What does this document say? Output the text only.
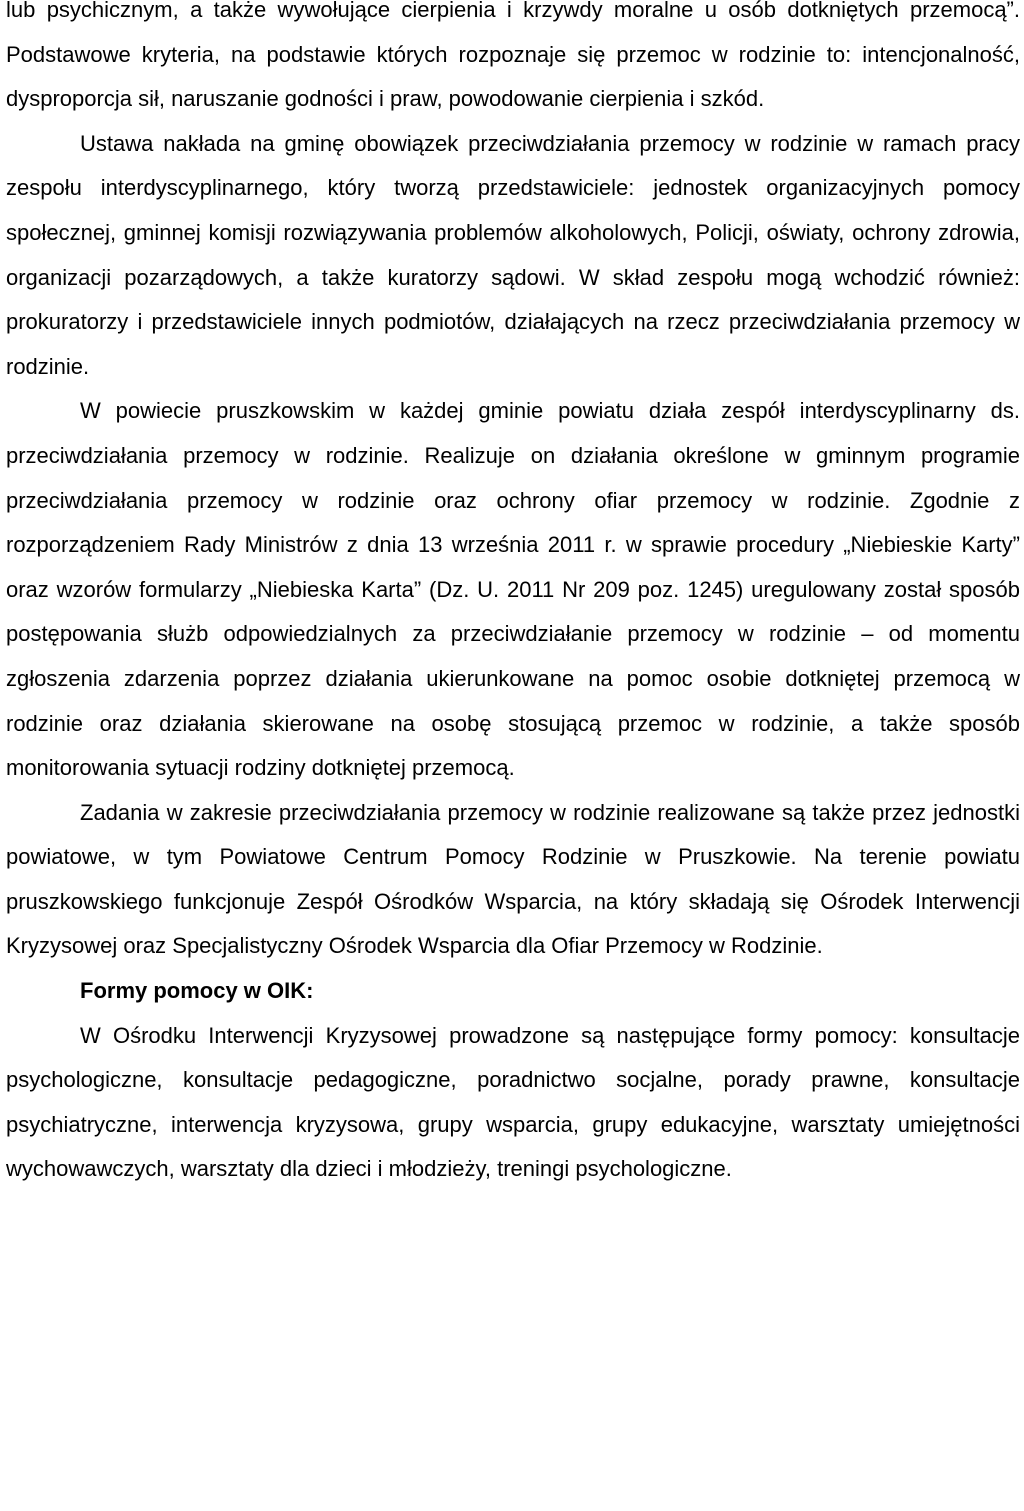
lub psychicznym, a także wywołujące cierpienia i krzywdy moralne u osób dotkniętych przemocą”. Podstawowe kryteria, na podstawie których rozpoznaje się przemoc w rodzinie to: intencjonalność, dysproporcja sił, naruszanie godności i praw, powodowanie cierpienia i szkód.

Ustawa nakłada na gminę obowiązek przeciwdziałania przemocy w rodzinie w ramach pracy zespołu interdyscyplinarnego, który tworzą przedstawiciele: jednostek organizacyjnych pomocy społecznej, gminnej komisji rozwiązywania problemów alkoholowych, Policji, oświaty, ochrony zdrowia, organizacji pozarządowych, a także kuratorzy sądowi. W skład zespołu mogą wchodzić również: prokuratorzy i przedstawiciele innych podmiotów, działających na rzecz przeciwdziałania przemocy w rodzinie.

W powiecie pruszkowskim w każdej gminie powiatu działa zespół interdyscyplinarny ds. przeciwdziałania przemocy w rodzinie. Realizuje on działania określone w gminnym programie przeciwdziałania przemocy w rodzinie oraz ochrony ofiar przemocy w rodzinie. Zgodnie z rozporządzeniem Rady Ministrów z dnia 13 września 2011 r. w sprawie procedury „Niebieskie Karty” oraz wzorów formularzy „Niebieska Karta” (Dz. U. 2011 Nr 209 poz. 1245) uregulowany został sposób postępowania służb odpowiedzialnych za przeciwdziałanie przemocy w rodzinie – od momentu zgłoszenia zdarzenia poprzez działania ukierunkowane na pomoc osobie dotkniętej przemocą w rodzinie oraz działania skierowane na osobę stosującą przemoc w rodzinie, a także sposób monitorowania sytuacji rodziny dotkniętej przemocą.

Zadania w zakresie przeciwdziałania przemocy w rodzinie realizowane są także przez jednostki powiatowe, w tym Powiatowe Centrum Pomocy Rodzinie w Pruszkowie. Na terenie powiatu pruszkowskiego funkcjonuje Zespół Ośrodków Wsparcia, na który składają się Ośrodek Interwencji Kryzysowej oraz Specjalistyczny Ośrodek Wsparcia dla Ofiar Przemocy w Rodzinie.

Formy pomocy w OIK:

W Ośrodku Interwencji Kryzysowej prowadzone są następujące formy pomocy: konsultacje psychologiczne, konsultacje pedagogiczne, poradnictwo socjalne, porady prawne, konsultacje psychiatryczne, interwencja kryzysowa, grupy wsparcia, grupy edukacyjne, warsztaty umiejętności wychowawczych, warsztaty dla dzieci i młodzieży, treningi psychologiczne.
